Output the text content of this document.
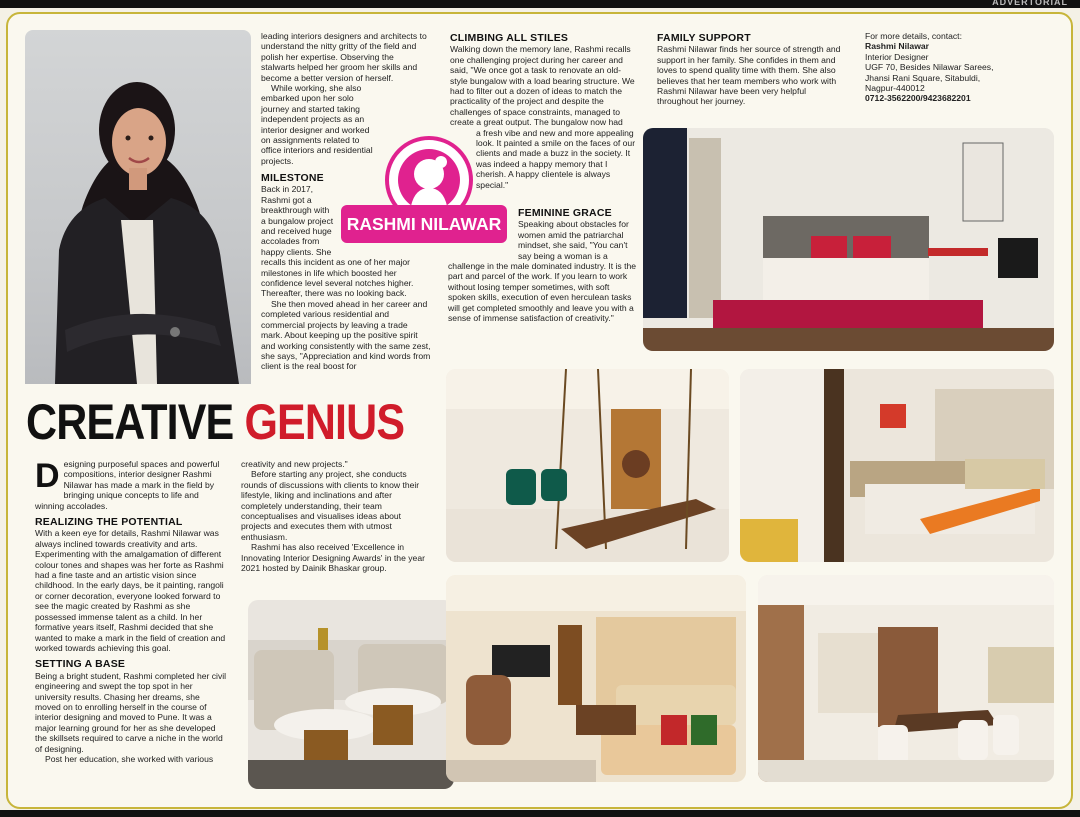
ADVERTORIAL

leading interiors designers and architects to understand the nitty gritty of the field and polish her expertise. Observing the stalwarts helped her groom her skills and become a better version of herself.

While working, she also embarked upon her solo journey and started taking independent projects as an interior designer and worked on assignments related to office interiors and residential projects.

MILESTONE

Back in 2017, Rashmi got a breakthrough with a bungalow project and received huge accolades from happy clients. She

recalls this incident as one of her major milestones in life which boosted her confidence level several notches higher. Thereafter, there was no looking back.

She then moved ahead in her career and completed various residential and commercial projects by leaving a trade mark. About keeping up the positive spirit and working consistently with the same zest, she says, "Appreciation and kind words from client is the real boost for

RASHMI NILAWAR
CLIMBING ALL STILES

Walking down the memory lane, Rashmi recalls one challenging project during her career and said, "We once got a task to renovate an old-style bungalow with a load bearing structure. We had to filter out a dozen of ideas to match the practicality of the project and despite the challenges of space constraints, managed to create a great output. The bungalow now had

a fresh vibe and new and more appealing look. It painted a smile on the faces of our clients and made a buzz in the society. It was indeed a happy memory that I cherish. A happy clientele is always special."

FEMININE GRACE

Speaking about obstacles for women amid the patriarchal mindset, she said, "You can't say being a woman is a

challenge in the male dominated industry. It is the part and parcel of the work. If you learn to work without losing temper sometimes, with soft spoken skills, execution of even herculean tasks will get completed smoothly and leave you with a sense of immense satisfaction of creativity."

FAMILY SUPPORT

Rashmi Nilawar finds her source of strength and support in her family. She confides in them and loves to spend quality time with them. She also believes that her team members who work with Rashmi Nilawar have been very helpful throughout her journey.

For more details, contact:

Rashmi Nilawar

Interior Designer

UGF 70, Besides Nilawar Sarees,

Jhansi Rani Square, Sitabuldi,

Nagpur-440012

0712-3562200/9423682201

CREATIVE GENIUS

Designing purposeful spaces and powerful compositions, interior designer Rashmi Nilawar has made a mark in the field by bringing unique concepts to life and winning accolades.

REALIZING THE POTENTIAL

With a keen eye for details, Rashmi Nilawar was always inclined towards creativity and arts. Experimenting with the amalgamation of different colour tones and shapes was her forte as Rashmi had a fine taste and an artistic vision since childhood. In the early days, be it painting, rangoli or corner decoration, everyone looked forward to see the magic created by Rashmi as she possessed immense talent as a child. In her formative years itself, Rashmi decided that she wanted to make a mark in the field of creation and worked towards achieving this goal.

SETTING A BASE

Being a bright student, Rashmi completed her civil engineering and swept the top spot in her university results. Chasing her dreams, she moved on to enrolling herself in the course of interior designing and moved to Pune. It was a major learning ground for her as she developed the skillsets required to carve a niche in the world of designing.

Post her education, she worked with various

creativity and new projects."

Before starting any project, she conducts rounds of discussions with clients to know their lifestyle, liking and inclinations and after completely understanding, their team conceptualises and visualises ideas about projects and executes them with utmost enthusiasm.

Rashmi has also received 'Excellence in Innovating Interior Designing Awards' in the year 2021 hosted by Dainik Bhaskar group.
